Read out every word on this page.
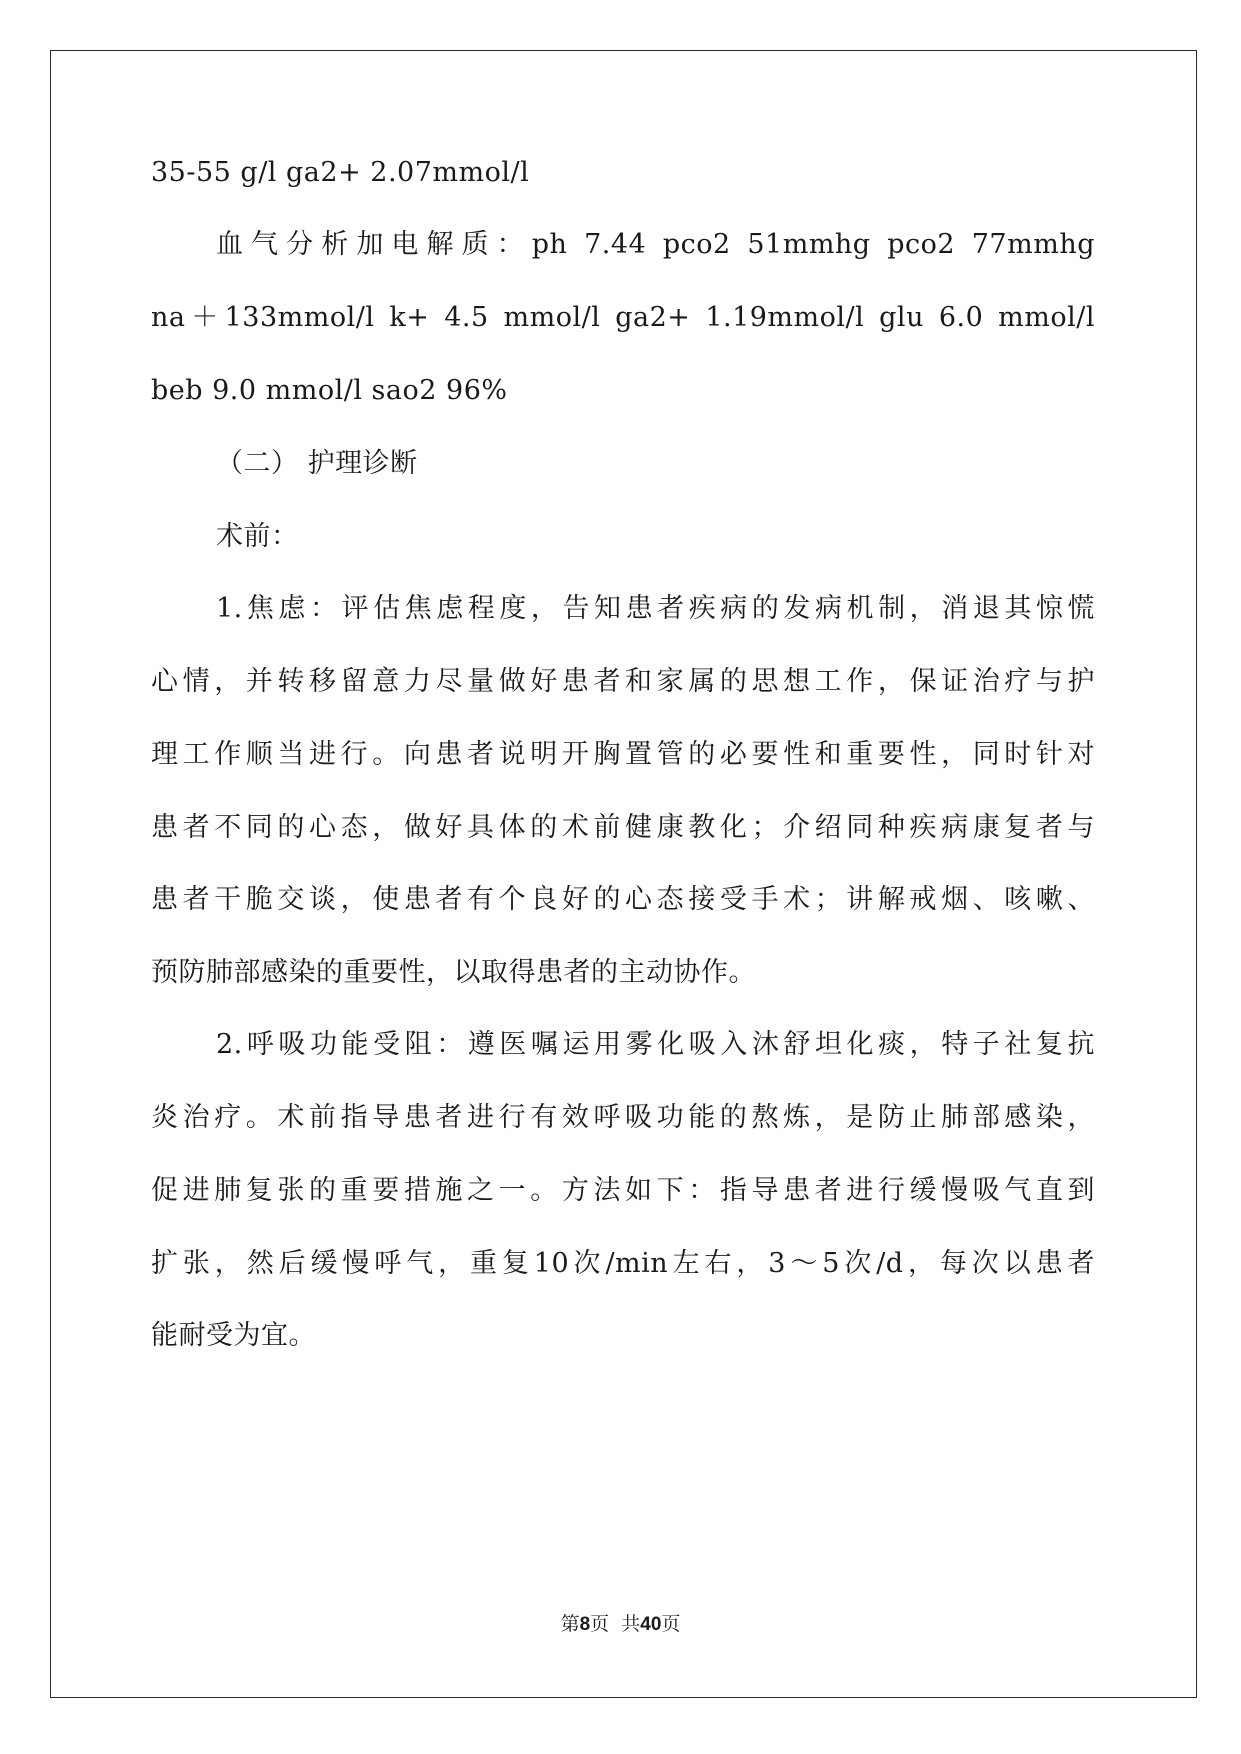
35-55 g/l ga2+ 2.07mmol/l
血气分析加电解质：ph 7.44 pco2 51mmhg pco2 77mmhg
na＋133mmol/l k+ 4.5 mmol/l ga2+ 1.19mmol/l glu 6.0 mmol/l
beb 9.0 mmol/l sao2 96%
（二） 护理诊断
术前：
1.焦虑：评估焦虑程度，告知患者疾病的发病机制，消退其惊慌
心情，并转移留意力尽量做好患者和家属的思想工作，保证治疗与护
理工作顺当进行。向患者说明开胸置管的必要性和重要性，同时针对
患者不同的心态，做好具体的术前健康教化；介绍同种疾病康复者与
患者干脆交谈，使患者有个良好的心态接受手术；讲解戒烟、咳嗽、
预防肺部感染的重要性，以取得患者的主动协作。
2.呼吸功能受阻：遵医嘱运用雾化吸入沐舒坦化痰，特子社复抗
炎治疗。术前指导患者进行有效呼吸功能的熬炼，是防止肺部感染，
促进肺复张的重要措施之一。方法如下：指导患者进行缓慢吸气直到
扩张，然后缓慢呼气，重复10次/min左右，3～5次/d，每次以患者
能耐受为宜。
第8页  共40页
